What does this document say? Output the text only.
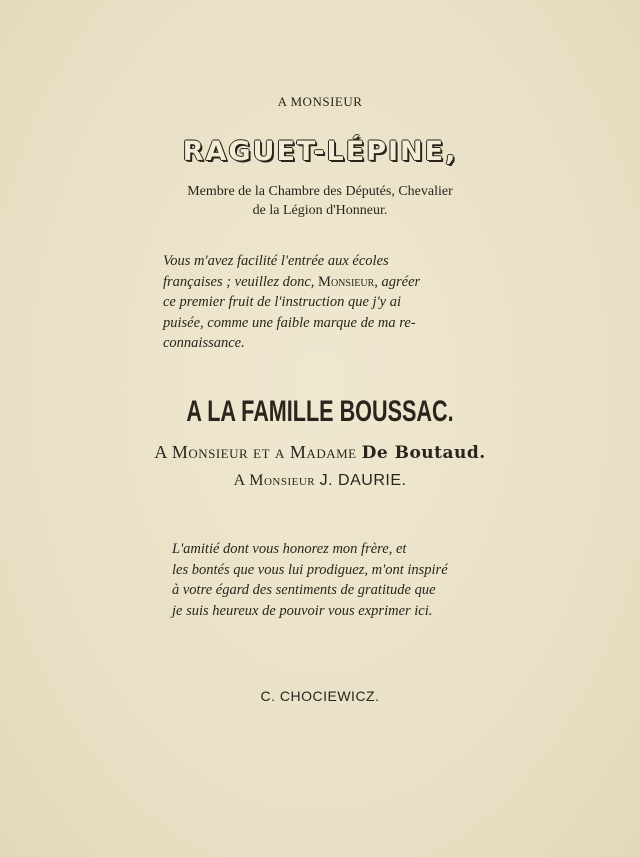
A MONSIEUR
RAGUET-LÉPINE,
Membre de la Chambre des Députés, Chevalier
de la Légion d'Honneur.
Vous m'avez facilité l'entrée aux écoles
françaises ; veuillez donc, Monsieur, agréer
ce premier fruit de l'instruction que j'y ai
puisée, comme une faible marque de ma re-
connaissance.
A LA FAMILLE BOUSSAC.
A Monsieur et a Madame De Boutaud.
A Monsieur J. DAURIE.
L'amitié dont vous honorez mon frère, et
les bontés que vous lui prodiguez, m'ont inspiré
à votre égard des sentiments de gratitude que
je suis heureux de pouvoir vous exprimer ici.
C. CHOCIEWICZ.
